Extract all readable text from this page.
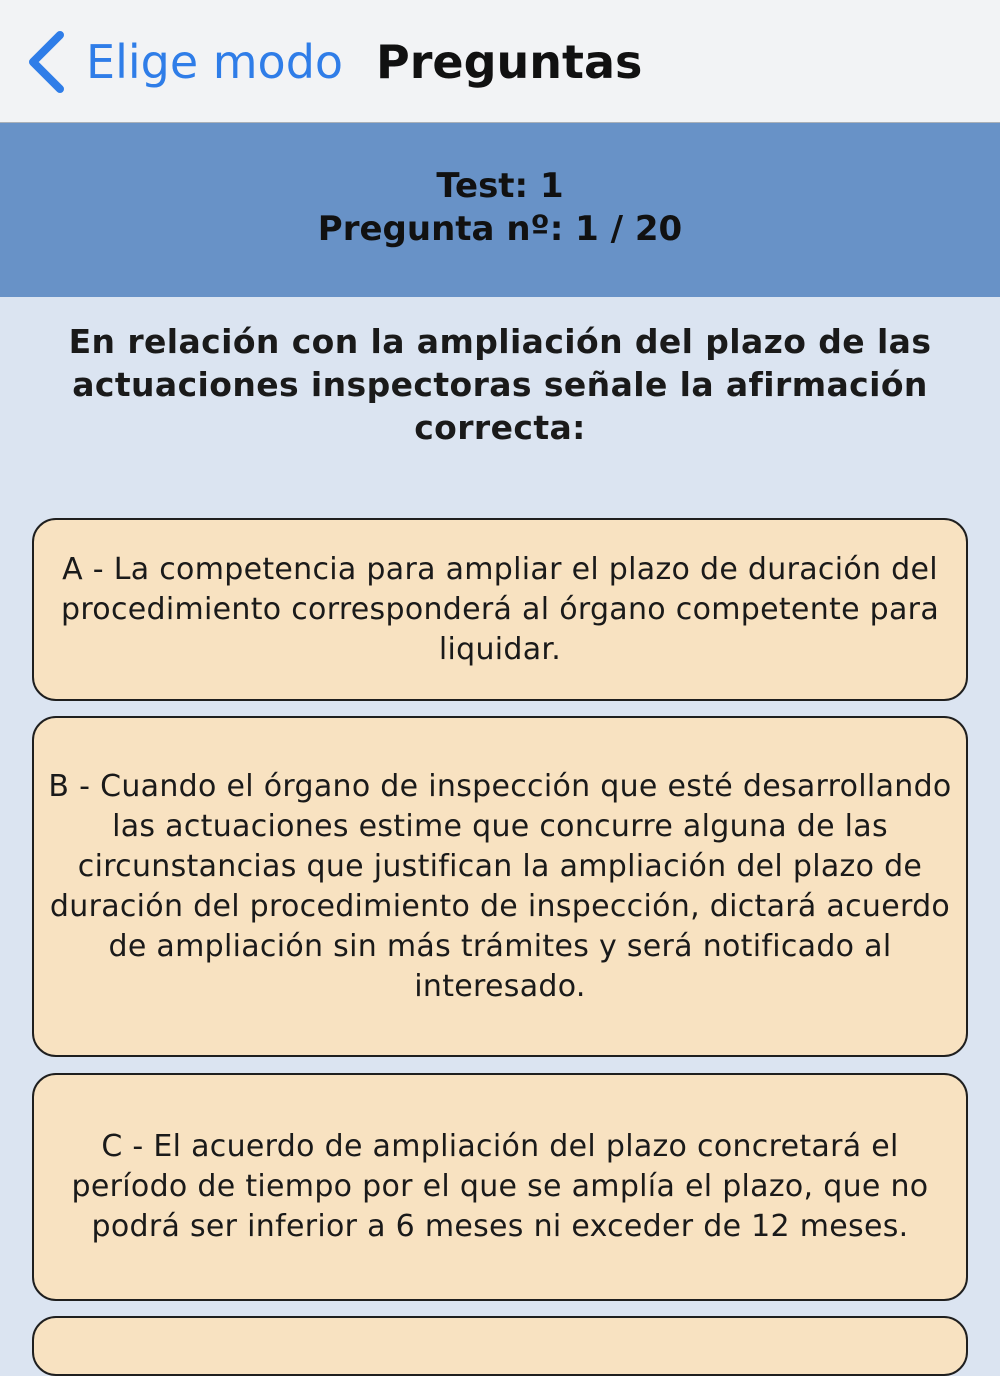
Elige modo Preguntas
Test: 1
Pregunta nº: 1 / 20
En relación con la ampliación del plazo de las actuaciones inspectoras señale la afirmación correcta:
A - La competencia para ampliar el plazo de duración del procedimiento corresponderá al órgano competente para liquidar.
B - Cuando el órgano de inspección que esté desarrollando las actuaciones estime que concurre alguna de las circunstancias que justifican la ampliación del plazo de duración del procedimiento de inspección, dictará acuerdo de ampliación sin más trámites y será notificado al interesado.
C - El acuerdo de ampliación del plazo concretará el período de tiempo por el que se amplía el plazo, que no podrá ser inferior a 6 meses ni exceder de 12 meses.
